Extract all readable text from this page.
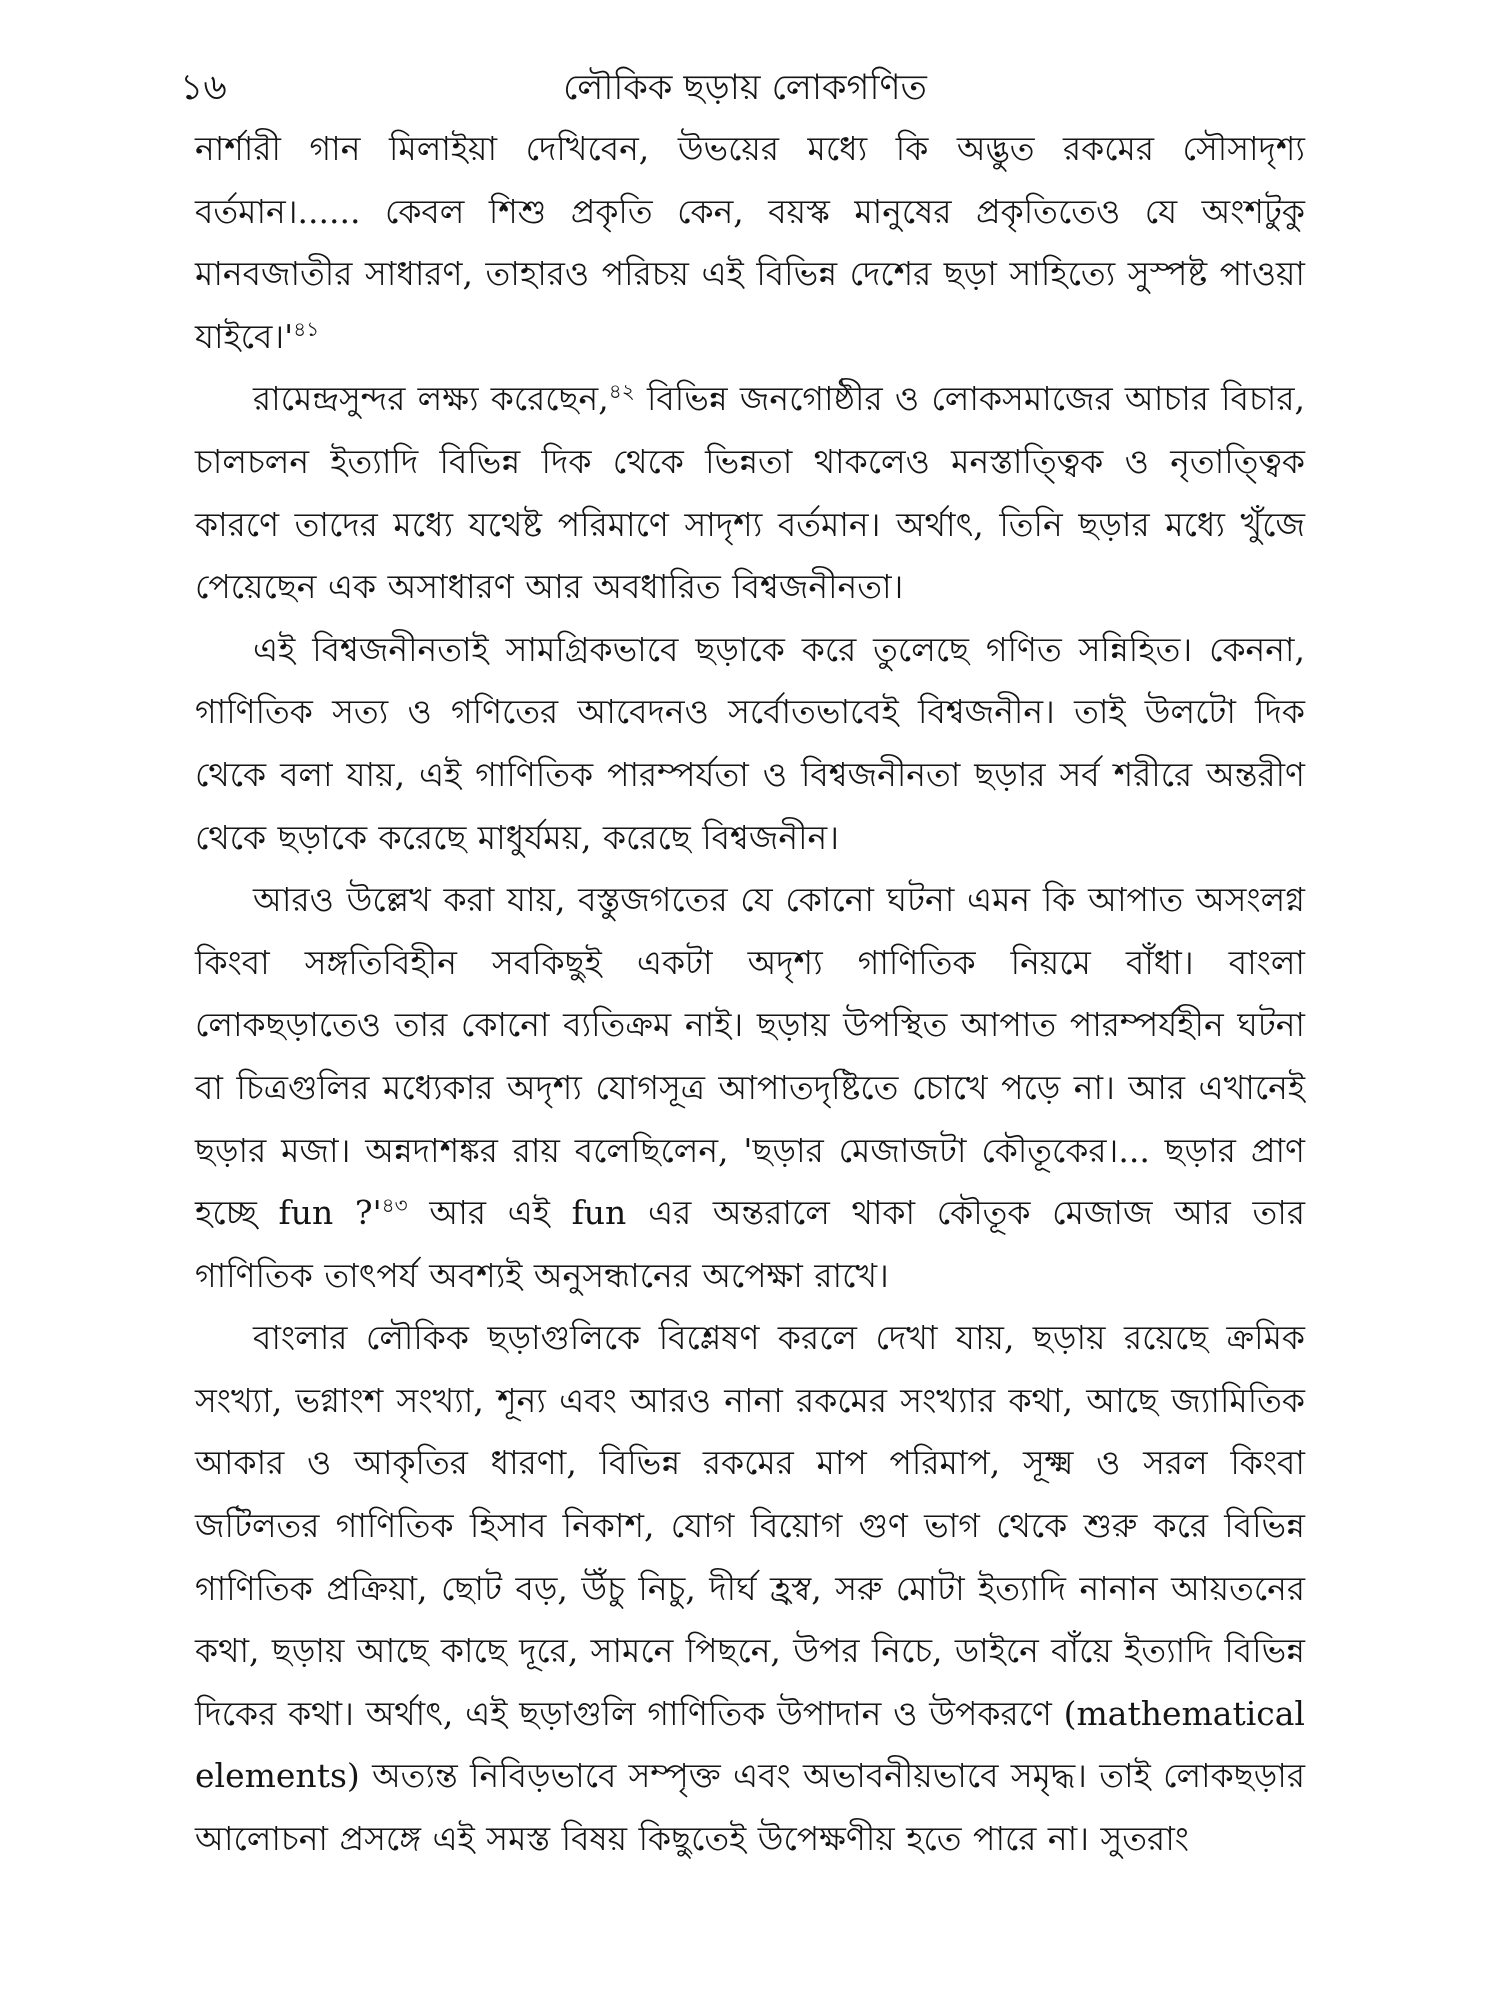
১৬	লৌকিক ছড়ায় লোকগণিত

নার্শারী গান মিলাইয়া দেখিবেন, উভয়ের মধ্যে কি অদ্ভুত রকমের সৌসাদৃশ্য বর্তমান।...... কেবল শিশু প্রকৃতি কেন, বয়স্ক মানুষের প্রকৃতিতেও যে অংশটুকু মানবজাতীর সাধারণ, তাহারও পরিচয় এই বিভিন্ন দেশের ছড়া সাহিত্যে সুস্পষ্ট পাওয়া $যাইবে।'^{৪১}$

রামেন্দ্রসুন্দর লক্ষ্য করেছেন,$^{৪২}$ বিভিন্ন জনগোষ্ঠীর ও লোকসমাজের আচার বিচার, চালচলন ইত্যাদি বিভিন্ন দিক থেকে ভিন্নতা থাকলেও মনস্তাত্ত্বিক ও নৃতাত্ত্বিক কারণে তাদের মধ্যে যথেষ্ট পরিমাণে সাদৃশ্য বর্তমান। অর্থাৎ, তিনি ছড়ার মধ্যে খুঁজে পেয়েছেন এক অসাধারণ আর অবধারিত বিশ্বজনীনতা।

এই বিশ্বজনীনতাই সামগ্রিকভাবে ছড়াকে করে তুলেছে গণিত সন্নিহিত। কেননা, গাণিতিক সত্য ও গণিতের আবেদনও সর্বোতভাবেই বিশ্বজনীন। তাই উলটো দিক থেকে বলা যায়, এই গাণিতিক পারম্পর্যতা ও বিশ্বজনীনতা ছড়ার সর্ব শরীরে অন্তরীণ থেকে ছড়াকে করেছে মাধুর্যময়, করেছে বিশ্বজনীন।

আরও উল্লেখ করা যায়, বস্তুজগতের যে কোনো ঘটনা এমন কি আপাত অসংলগ্ন কিংবা সঙ্গতিবিহীন সবকিছুই একটা অদৃশ্য গাণিতিক নিয়মে বাঁধা। বাংলা লোকছড়াতেও তার কোনো ব্যতিক্রম নাই। ছড়ায় উপস্থিত আপাত পারম্পর্যহীন ঘটনা বা চিত্রগুলির মধ্যেকার অদৃশ্য যোগসূত্র আপাতদৃষ্টিতে চোখে পড়ে না। আর এখানেই ছড়ার মজা। অন্নদাশঙ্কর রায় বলেছিলেন, 'ছড়ার মেজাজটা কৌতূকের।... ছড়ার প্রাণ হচ্ছে fun $?'^{৪৩}$ আর এই fun এর অন্তরালে থাকা কৌতূক মেজাজ আর তার গাণিতিক তাৎপর্য অবশ্যই অনুসন্ধানের অপেক্ষা রাখে।

বাংলার লৌকিক ছড়াগুলিকে বিশ্লেষণ করলে দেখা যায়, ছড়ায় রয়েছে ক্রমিক সংখ্যা, ভগ্নাংশ সংখ্যা, শূন্য এবং আরও নানা রকমের সংখ্যার কথা, আছে জ্যামিতিক আকার ও আকৃতির ধারণা, বিভিন্ন রকমের মাপ পরিমাপ, সূক্ষ্ম ও সরল কিংবা জটিলতর গাণিতিক হিসাব নিকাশ, যোগ বিয়োগ গুণ ভাগ থেকে শুরু করে বিভিন্ন গাণিতিক প্রক্রিয়া, ছোট বড়, উঁচু নিচু, দীর্ঘ হ্রস্ব, সরু মোটা ইত্যাদি নানান আয়তনের কথা, ছড়ায় আছে কাছে দূরে, সামনে পিছনে, উপর নিচে, ডাইনে বাঁয়ে ইত্যাদি বিভিন্ন দিকের কথা। অর্থাৎ, এই ছড়াগুলি গাণিতিক উপাদান ও উপকরণে (mathematical elements) অত্যন্ত নিবিড়ভাবে সম্পৃক্ত এবং অভাবনীয়ভাবে সমৃদ্ধ। তাই লোকছড়ার আলোচনা প্রসঙ্গে এই সমস্ত বিষয় কিছুতেই উপেক্ষণীয় হতে পারে না। সুতরাং
